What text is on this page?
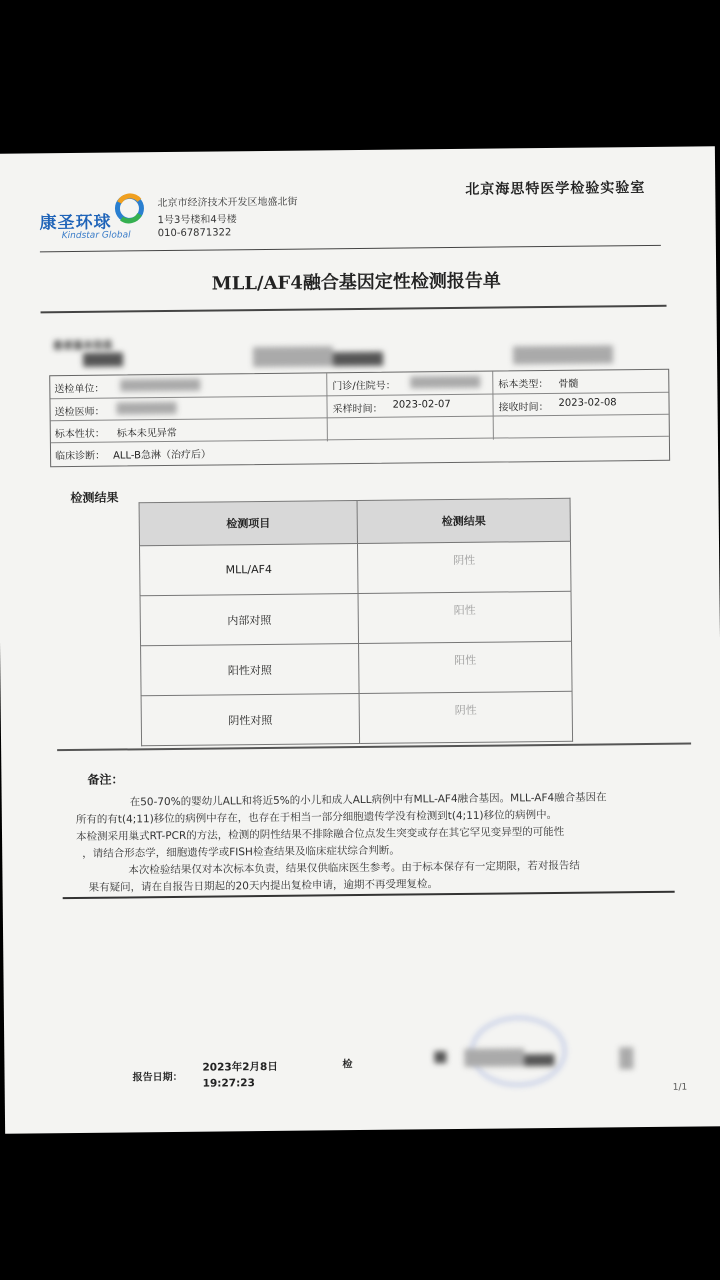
康圣环球
Kindstar Global
北京市经济技术开发区地盛北街
1号3号楼和4号楼
010-67871322
北京海思特医学检验实验室
MLL/AF4融合基因定性检测报告单
患者基本信息
送检单位：	门诊/住院号：	标本类型： 骨髓
送检医师：	采样时间： 2023-02-07	接收时间： 2023-02-08
标本性状： 标本未见异常
临床诊断： ALL-B急淋（治疗后）
检测结果
检测项目	检测结果
MLL/AF4	阴性
内部对照	阳性
阳性对照	阳性
阴性对照	阴性
备注：
在50-70%的婴幼儿ALL和将近5%的小儿和成人ALL病例中有MLL-AF4融合基因。MLL-AF4融合基因在
所有的有t(4;11)移位的病例中存在，也存在于相当一部分细胞遗传学没有检测到t(4;11)移位的病例中。
本检测采用巢式RT-PCR的方法，检测的阴性结果不排除融合位点发生突变或存在其它罕见变异型的可能性
，请结合形态学，细胞遗传学或FISH检查结果及临床症状综合判断。
本次检验结果仅对本次标本负责，结果仅供临床医生参考。由于标本保存有一定期限，若对报告结
果有疑问，请在自报告日期起的20天内提出复检申请，逾期不再受理复检。
报告日期：
2023年2月8日
19:27:23
检
1/1
